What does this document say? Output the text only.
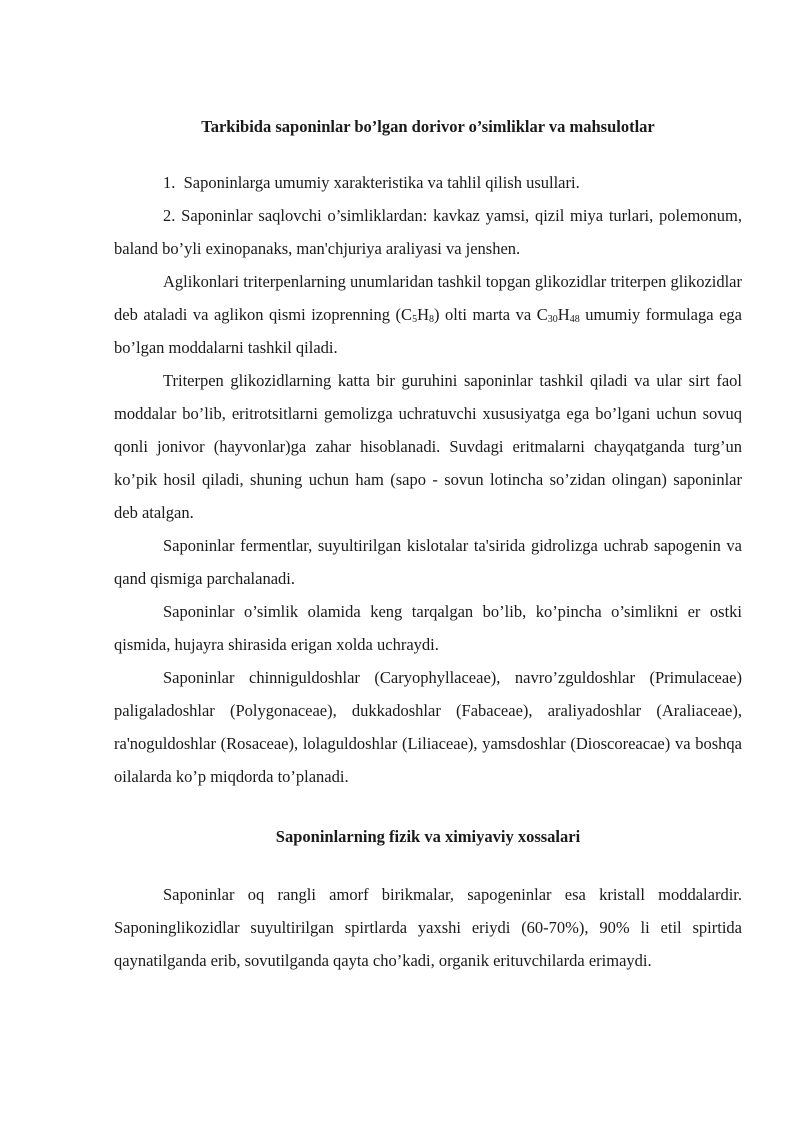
Tarkibida saponinlar bo’lgan dorivor o’simliklar va mahsulotlar
1. Saponinlarga umumiy xarakteristika va tahlil qilish usullari.
2. Saponinlar saqlovchi o’simliklardan: kavkaz yamsi, qizil miya turlari, polemonum, baland bo’yli exinopanaks, man'chjuriya araliyasi va jenshen.

Aglikonlari triterpenlarning unumlaridan tashkil topgan glikozidlar triterpen glikozidlar deb ataladi va aglikon qismi izoprenning $(C_5H_8)$ olti marta va $C_{30}H_{48}$ umumiy formulaga ega bo’lgan moddalarni tashkil qiladi.

Triterpen glikozidlarning katta bir guruhini saponinlar tashkil qiladi va ular sirt faol moddalar bo’lib, eritrotsitlarni gemolizga uchratuvchi xususiyatga ega bo’lgani uchun sovuq qonli jonivor (hayvonlar)ga zahar hisoblanadi. Suvdagi eritmalarni chayqatganda turg’un ko’pik hosil qiladi, shuning uchun ham (sapo - sovun lotincha so’zidan olingan) saponinlar deb atalgan.

Saponinlar fermentlar, suyultirilgan kislotalar ta'sirida gidrolizga uchrab sapogenin va qand qismiga parchalanadi.

Saponinlar o’simlik olamida keng tarqalgan bo’lib, ko’pincha o’simlikni er ostki qismida, hujayra shirasida erigan xolda uchraydi.

Saponinlar chinniguldoshlar (Caryophyllaceae), navro’zguldoshlar (Primulaceae) paligaladoshlar (Polygonaceae), dukkadoshlar (Fabaceae), araliyadoshlar (Araliaceae), ra'noguldoshlar (Rosaceae), lolaguldoshlar (Liliaceae), yamsdoshlar (Dioscoreacae) va boshqa oilalarda ko’p miqdorda to’planadi.

Saponinlarning fizik va ximiyaviy xossalari

Saponinlar oq rangli amorf birikmalar, sapogeninlar esa kristall moddalardir. Saponinglikozidlar suyultirilgan spirtlarda yaxshi eriydi (60-70%), 90% li etil spirtida qaynatilganda erib, sovutilganda qayta cho’kadi, organik erituvchilarda erimaydi.
